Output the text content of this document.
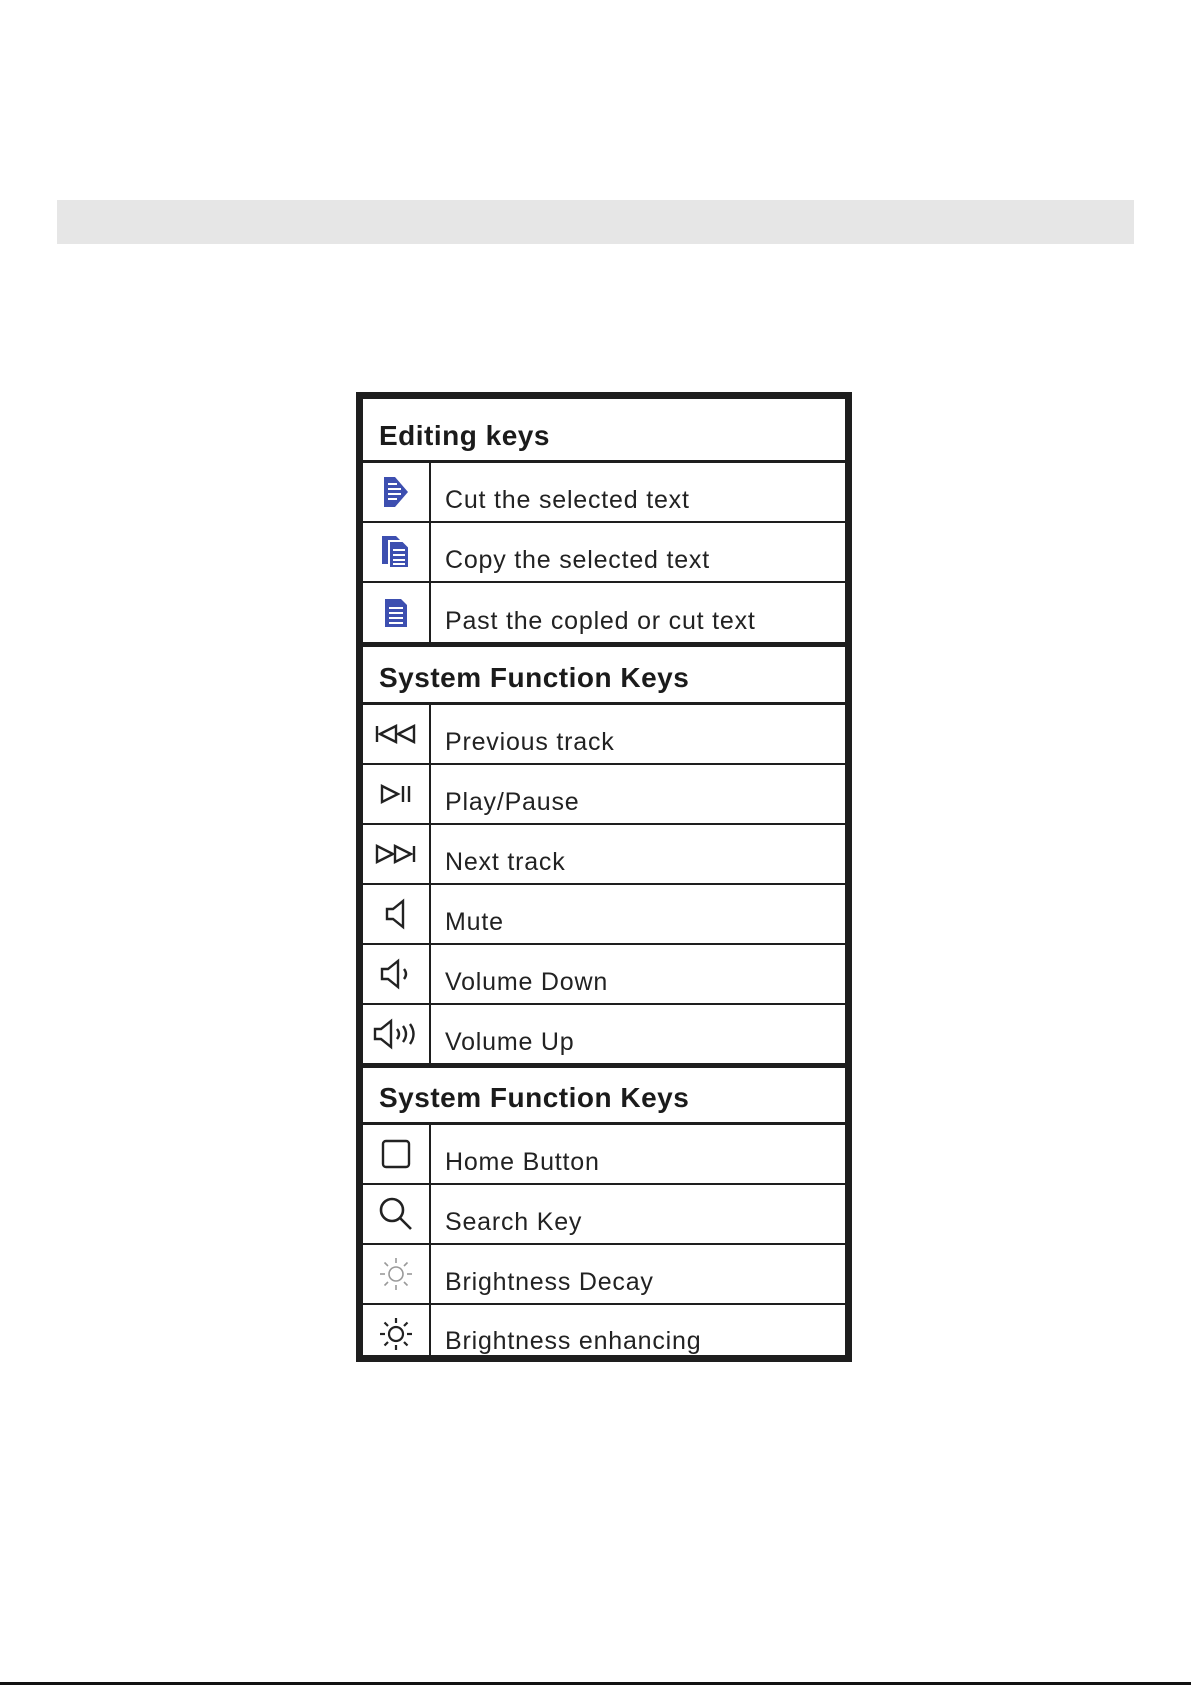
Editing keys
Cut the selected text
Copy the selected text
Past the copled or cut text
System Function Keys
Previous track
Play/Pause
Next track
Mute
Volume Down
Volume Up
System Function Keys
Home Button
Search Key
Brightness Decay
Brightness enhancing
